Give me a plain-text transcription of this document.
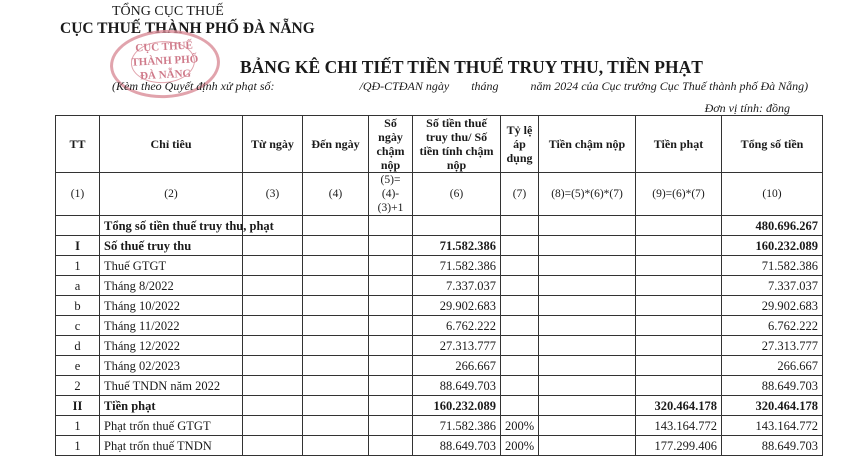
TỔNG CỤC THUẾ
CỤC THUẾ THÀNH PHỐ ĐÀ NẴNG
CỤC THUẾ
THÀNH PHỐ
ĐÀ NẴNG	BẢNG KÊ CHI TIẾT TIỀN THUẾ TRUY THU, TIỀN PHẠT
(Kèm theo Quyết định xử phạt số:	/QĐ-CTĐAN ngày tháng	năm 2024 của Cục trưởng Cục Thuế thành phố Đà Nẵng)
Đơn vị tính: đồng
TT	Chỉ tiêu	Từ ngày	Đến ngày	Số ngày chậm nộp	Số tiền thuế truy thu/ Số tiền tính chậm nộp	Tỷ lệ áp dụng	Tiền chậm nộp	Tiền phạt	Tổng số tiền
(1)	(2)	(3)	(4)	(5)=(4)-(3)+1	(6)	(7)	(8)=(5)*(6)*(7)	(9)=(6)*(7)	(10)
	Tổng số tiền thuế truy thu, phạt								480.696.267
I	Số thuế truy thu				71.582.386				160.232.089
1	Thuế GTGT				71.582.386				71.582.386
a	Tháng 8/2022				7.337.037				7.337.037
b	Tháng 10/2022				29.902.683				29.902.683
c	Tháng 11/2022				6.762.222				6.762.222
d	Tháng 12/2022				27.313.777				27.313.777
e	Tháng 02/2023				266.667				266.667
2	Thuế TNDN năm 2022				88.649.703				88.649.703
II	Tiền phạt				160.232.089			320.464.178	320.464.178
1	Phạt trốn thuế GTGT				71.582.386	200%		143.164.772	143.164.772
1	Phạt trốn thuế TNDN				88.649.703	200%		177.299.406	88.649.703
